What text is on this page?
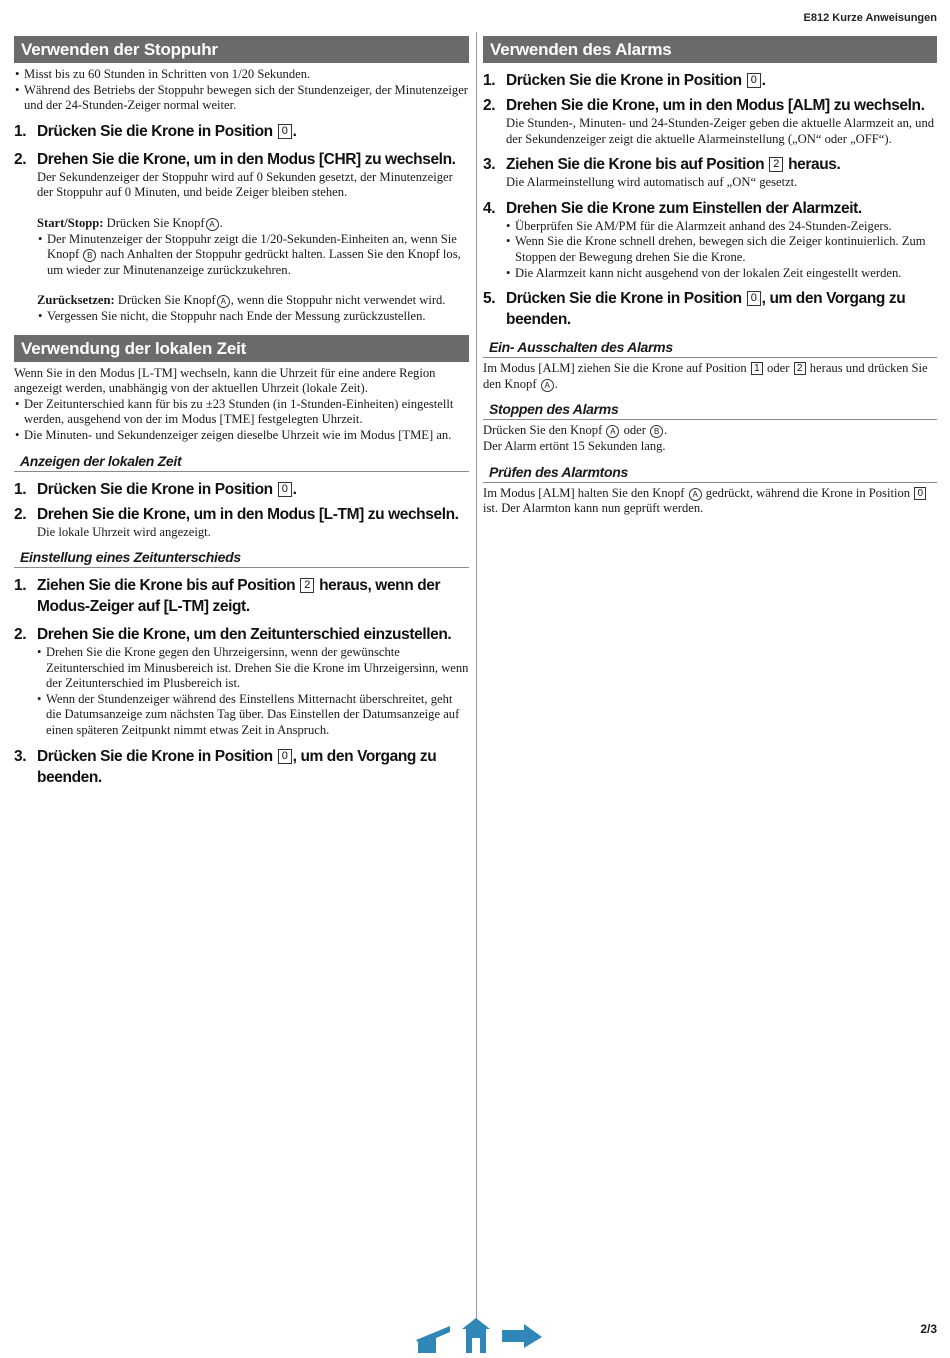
E812 Kurze Anweisungen
Verwenden der Stoppuhr
• Misst bis zu 60 Stunden in Schritten von 1/20 Sekunden.
• Während des Betriebs der Stoppuhr bewegen sich der Stundenzeiger, der Minutenzeiger und der 24-Stunden-Zeiger normal weiter.
1. Drücken Sie die Krone in Position 0 .
2. Drehen Sie die Krone, um in den Modus [CHR] zu wechseln.

Der Sekundenzeiger der Stoppuhr wird auf 0 Sekunden gesetzt, der Minutenzeiger der Stoppuhr auf 0 Minuten, und beide Zeiger bleiben stehen.

Start/Stopp: Drücken Sie Knopf A .

• Der Minutenzeiger der Stoppuhr zeigt die 1/20-Sekunden-Einheiten an, wenn Sie Knopf B nach Anhalten der Stoppuhr gedrückt halten. Lassen Sie den Knopf los, um wieder zur Minutenanzeige zurückzukehren.

Zurücksetzen: Drücken Sie Knopf A , wenn die Stoppuhr nicht verwendet wird.

• Vergessen Sie nicht, die Stoppuhr nach Ende der Messung zurückzustellen.
Verwendung der lokalen Zeit

Wenn Sie in den Modus [L-TM] wechseln, kann die Uhrzeit für eine andere Region angezeigt werden, unabhängig von der aktuellen Uhrzeit (lokale Zeit).

• Der Zeitunterschied kann für bis zu ±23 Stunden (in 1-Stunden-Einheiten) eingestellt werden, ausgehend von der im Modus [TME] festgelegten Uhrzeit.
• Die Minuten- und Sekundenzeiger zeigen dieselbe Uhrzeit wie im Modus [TME] an.
Anzeigen der lokalen Zeit
1. Drücken Sie die Krone in Position 0 .
2. Drehen Sie die Krone, um in den Modus [L-TM] zu wechseln.

Die lokale Uhrzeit wird angezeigt.

Einstellung eines Zeitunterschieds
1. Ziehen Sie die Krone bis auf Position 2 heraus, wenn der Modus-Zeiger auf [L-TM] zeigt.
2. Drehen Sie die Krone, um den Zeitunterschied einzustellen.
• Drehen Sie die Krone gegen den Uhrzeigersinn, wenn der gewünschte Zeitunterschied im Minusbereich ist. Drehen Sie die Krone im Uhrzeigersinn, wenn der Zeitunterschied im Plusbereich ist.
• Wenn der Stundenzeiger während des Einstellens Mitternacht überschreitet, geht die Datumsanzeige zum nächsten Tag über. Das Einstellen der Datumsanzeige auf einen späteren Zeitpunkt nimmt etwas Zeit in Anspruch.
3. Drücken Sie die Krone in Position 0 , um den Vorgang zu beenden.
Verwenden des Alarms
1. Drücken Sie die Krone in Position 0 .
2. Drehen Sie die Krone, um in den Modus [ALM] zu wechseln.

Die Stunden-, Minuten- und 24-Stunden-Zeiger geben die aktuelle Alarmzeit an, und der Sekundenzeiger zeigt die aktuelle Alarmeinstellung („ON“ oder „OFF“).

3. Ziehen Sie die Krone bis auf Position 2 heraus.

Die Alarmeinstellung wird automatisch auf „ON“ gesetzt.

4. Drehen Sie die Krone zum Einstellen der Alarmzeit.
• Überprüfen Sie AM/PM für die Alarmzeit anhand des 24-Stunden-Zeigers.
• Wenn Sie die Krone schnell drehen, bewegen sich die Zeiger kontinuierlich. Zum Stoppen der Bewegung drehen Sie die Krone.
• Die Alarmzeit kann nicht ausgehend von der lokalen Zeit eingestellt werden.
5. Drücken Sie die Krone in Position 0 , um den Vorgang zu beenden.
Ein- Ausschalten des Alarms

Im Modus [ALM] ziehen Sie die Krone auf Position 1 oder 2 heraus und drücken Sie den Knopf A .

Stoppen des Alarms

Drücken Sie den Knopf A oder B .

Der Alarm ertönt 15 Sekunden lang.

Prüfen des Alarmtons

Im Modus [ALM] halten Sie den Knopf A gedrückt, während die Krone in Position 0 ist. Der Alarmton kann nun geprüft werden.

2/3
